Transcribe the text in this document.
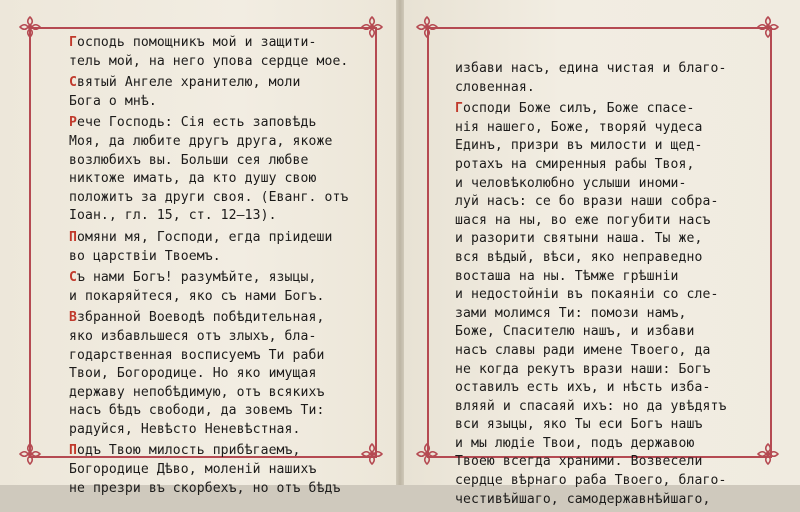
Господь помощникъ мой и защити-
тель мой, на него упова сердце мое.
Святый Ангеле хранителю, моли
Бога о мнѣ.
Рече Господь: Сія есть заповѣдь
Моя, да любите другъ друга, якоже
возлюбихъ вы. Больши сея любве
никтоже имать, да кто душу свою
положитъ за други своя. (Еванг. отъ
Іоан., гл. 15, ст. 12—13).
Помяни мя, Господи, егда пріидеши
во царствіи Твоемъ.
Съ нами Богъ! разумѣйте, языцы,
и покаряйтеся, яко съ нами Богъ.
Взбранной Воеводѣ побѣдительная,
яко избавльшеся отъ злыхъ, бла-
годарственная восписуемъ Ти раби
Твои, Богородице. Но яко имущая
державу непобѣдимую, отъ всякихъ
насъ бѣдъ свободи, да зовемъ Ти:
радуйся, Невѣсто Неневѣстная.
Подъ Твою милость прибѣгаемъ,
Богородице Дѣво, моленій нашихъ
не презри въ скорбехъ, но отъ бѣдъ
избави насъ, едина чистая и благо-
словенная.
Господи Боже силъ, Боже спасе-
нія нашего, Боже, творяй чудеса
Единъ, призри въ милости и щед-
ротахъ на смиренныя рабы Твоя,
и человѣколюбно услыши иноми-
луй насъ: се бо врази наши собра-
шася на ны, во еже погубити насъ
и разорити святыни наша. Ты же,
вся вѣдый, вѣси, яко неправедно
восташа на ны. Тѣмже грѣшніи
и недостойніи въ покаяніи со сле-
зами молимся Ти: помози намъ,
Боже, Спасителю нашъ, и избави
насъ славы ради имене Твоего, да
не когда рекутъ врази наши: Богъ
оставилъ есть ихъ, и нѣсть изба-
вляяй и спасаяй ихъ: но да увѣдятъ
вси языцы, яко Ты еси Богъ нашъ
и мы людіе Твои, подъ державою
Твоею всегда храними. Возвесели
сердце вѣрнаго раба Твоего, благо-
честивѣйшаго, самодержавнѣйшаго,
